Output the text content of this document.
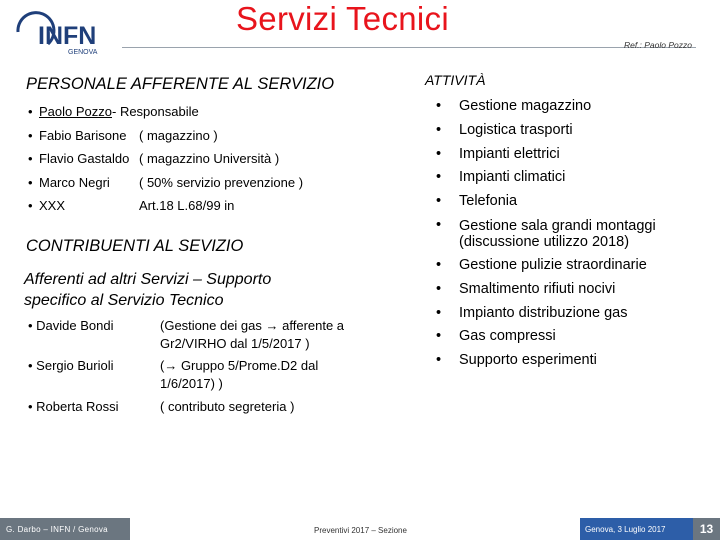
INFN
GENOVA
Servizi Tecnici
Ref.: Paolo Pozzo
PERSONALE AFFERENTE AL SERVIZIO
• Paolo Pozzo - Responsabile
• Fabio Barisone ( magazzino )
• Flavio Gastaldo ( magazzino Università )
• Marco Negri	( 50% servizio prevenzione )
• XXX	Art.18 L.68/99 in
CONTRIBUENTI AL SEVIZIO
Afferenti ad altri Servizi – Supporto specifico al Servizio Tecnico
• Davide Bondi	(Gestione dei gas → afferente a Gr2/VIRHO dal 1/5/2017 )
• Sergio Burioli	(→ Gruppo 5/Prome.D2 dal 1/6/2017) )
• Roberta Rossi	( contributo segreteria )
ATTIVITÀ
•	Gestione magazzino
•	Logistica trasporti
•	Impianti elettrici
•	Impianti climatici
•	Telefonia
•	Gestione sala grandi montaggi (discussione utilizzo 2018)
•	Gestione pulizie straordinarie
•	Smaltimento rifiuti nocivi
•	Impianto distribuzione gas
•	Gas compressi
•	Supporto esperimenti
G. Darbo – INFN / Genova	Preventivi 2017 – Sezione	Genova, 3 Luglio 2017	13
